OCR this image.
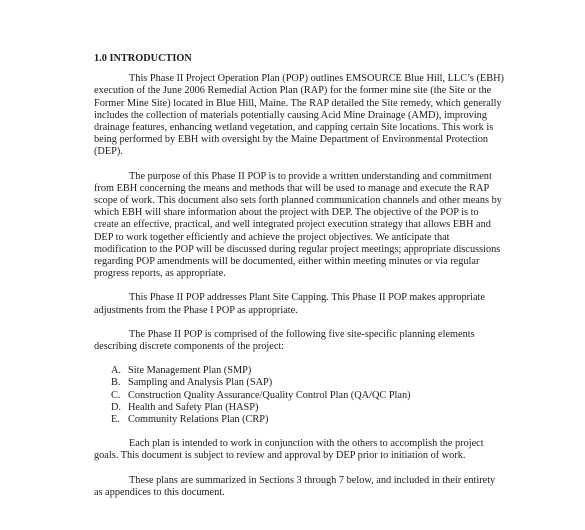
1.0 INTRODUCTION

This Phase II Project Operation Plan (POP) outlines EMSOURCE Blue Hill, LLC’s (EBH) execution of the June 2006 Remedial Action Plan (RAP) for the former mine site (the Site or the Former Mine Site) located in Blue Hill, Maine. The RAP detailed the Site remedy, which generally includes the collection of materials potentially causing Acid Mine Drainage (AMD), improving drainage features, enhancing wetland vegetation, and capping certain Site locations. This work is being performed by EBH with oversight by the Maine Department of Environmental Protection (DEP).

The purpose of this Phase II POP is to provide a written understanding and commitment from EBH concerning the means and methods that will be used to manage and execute the RAP scope of work. This document also sets forth planned communication channels and other means by which EBH will share information about the project with DEP. The objective of the POP is to create an effective, practical, and well integrated project execution strategy that allows EBH and DEP to work together efficiently and achieve the project objectives. We anticipate that modification to the POP will be discussed during regular project meetings; appropriate discussions regarding POP amendments will be documented, either within meeting minutes or via regular progress reports, as appropriate.

This Phase II POP addresses Plant Site Capping. This Phase II POP makes appropriate adjustments from the Phase I POP as appropriate.

The Phase II POP is comprised of the following five site-specific planning elements describing discrete components of the project:

A. Site Management Plan (SMP)
B. Sampling and Analysis Plan (SAP)
C. Construction Quality Assurance/Quality Control Plan (QA/QC Plan)
D. Health and Safety Plan (HASP)
E. Community Relations Plan (CRP)

Each plan is intended to work in conjunction with the others to accomplish the project goals. This document is subject to review and approval by DEP prior to initiation of work.

These plans are summarized in Sections 3 through 7 below, and included in their entirety as appendices to this document.
